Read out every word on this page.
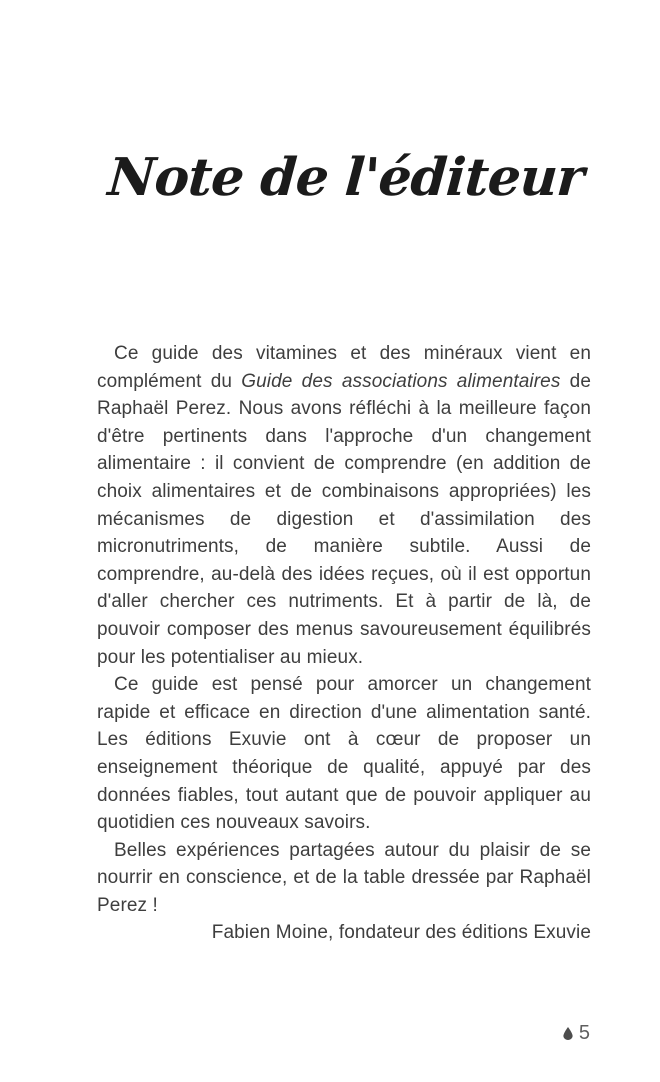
Note de l'éditeur

Ce guide des vitamines et des minéraux vient en complément du Guide des associations alimentaires de Raphaël Perez. Nous avons réfléchi à la meilleure façon d'être pertinents dans l'approche d'un changement alimentaire : il convient de comprendre (en addition de choix alimentaires et de combinaisons appropriées) les mécanismes de digestion et d'assimilation des micronutriments, de manière subtile. Aussi de comprendre, au-delà des idées reçues, où il est opportun d'aller chercher ces nutriments. Et à partir de là, de pouvoir composer des menus savoureusement équilibrés pour les potentialiser au mieux.

Ce guide est pensé pour amorcer un changement rapide et efficace en direction d'une alimentation santé. Les éditions Exuvie ont à cœur de proposer un enseignement théorique de qualité, appuyé par des données fiables, tout autant que de pouvoir appliquer au quotidien ces nouveaux savoirs.

Belles expériences partagées autour du plaisir de se nourrir en conscience, et de la table dressée par Raphaël Perez !

Fabien Moine, fondateur des éditions Exuvie

5
